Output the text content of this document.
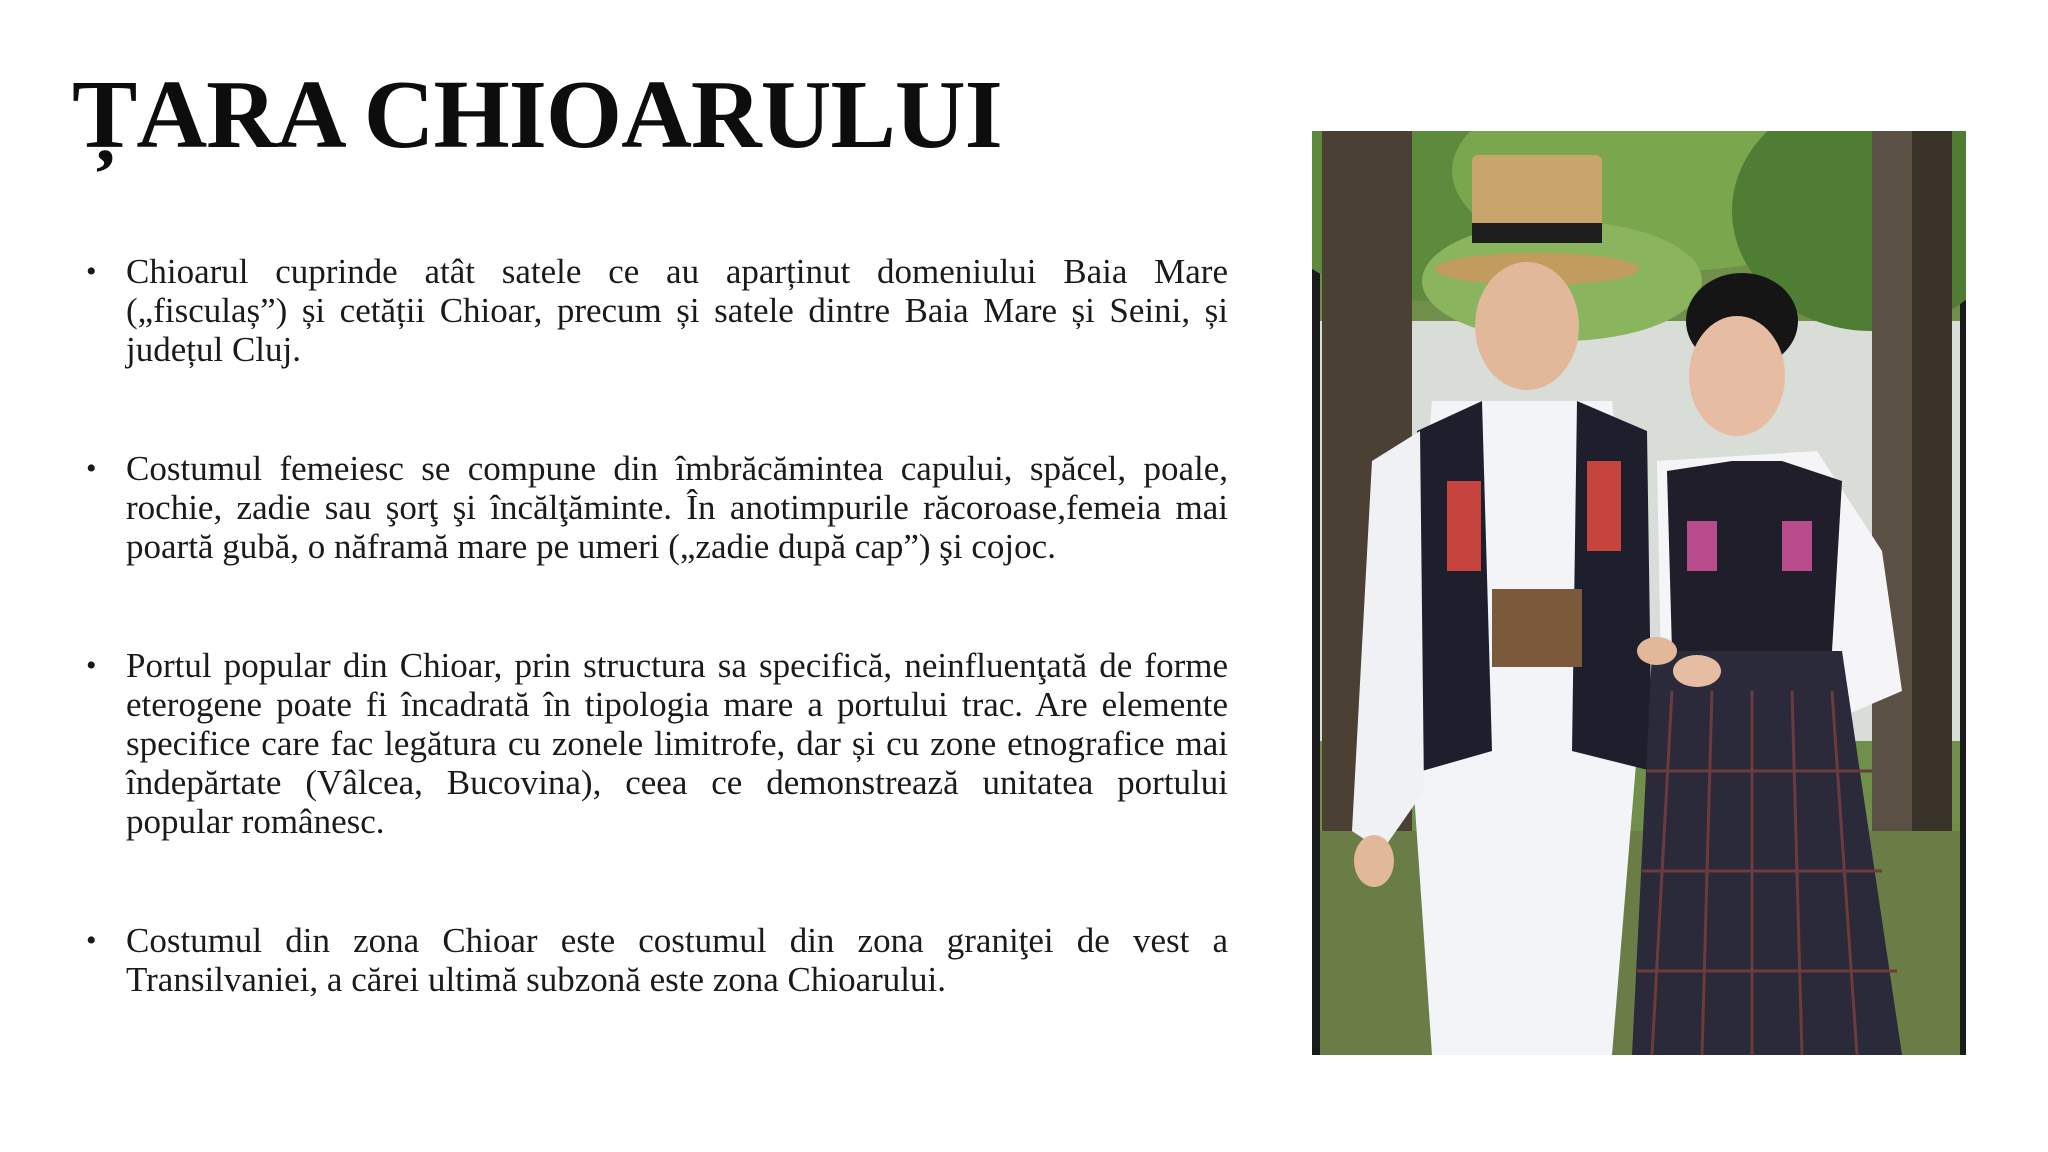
ȚARA CHIOARULUI
• Chioarul cuprinde atât satele ce au aparținut domeniului Baia Mare („fisculaș”) și cetății Chioar, precum și satele dintre Baia Mare și Seini, și județul Cluj.
• Costumul femeiesc se compune din îmbrăcămintea capului, spăcel, poale, rochie, zadie sau şorţ şi încălţăminte. În anotimpurile răcoroase,femeia mai poartă gubă, o năframă mare pe umeri („zadie după cap”) şi cojoc.
• Portul popular din Chioar, prin structura sa specifică, neinfluenţată de forme eterogene poate fi încadrată în tipologia mare a portului trac. Are elemente specifice care fac legătura cu zonele limitrofe, dar și cu zone etnografice mai îndepărtate (Vâlcea, Bucovina), ceea ce demonstrează unitatea portului popular românesc.
• Costumul din zona Chioar este costumul din zona graniţei de vest a Transilvaniei, a cărei ultimă subzonă este zona Chioarului.
